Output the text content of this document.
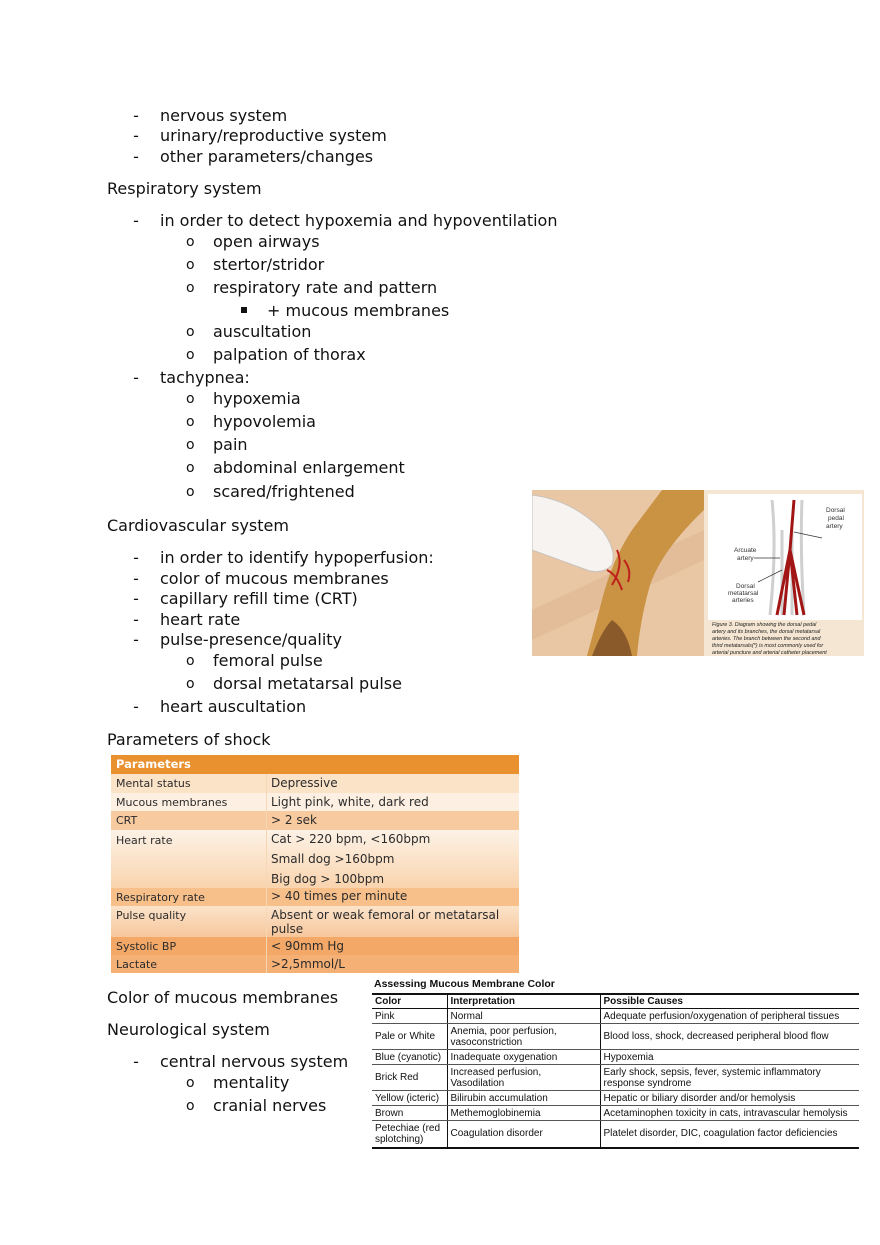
- nervous system
- urinary/reproductive system
- other parameters/changes
Respiratory system
- in order to detect hypoxemia and hypoventilation
o open airways
o stertor/stridor
o respiratory rate and pattern
+ mucous membranes
o auscultation
o palpation of thorax
- tachypnea:
o hypoxemia
o hypovolemia
o pain
o abdominal enlargement
o scared/frightened
Cardiovascular system
- in order to identify hypoperfusion:
- color of mucous membranes
- capillary refill time (CRT)
- heart rate
- pulse-presence/quality
o femoral pulse
o dorsal metatarsal pulse
- heart auscultation
Dorsal
pedal
artery
Arcuate
artery
Dorsal
metatarsal
arteries
Figure 3. Diagram showing the dorsal pedal
artery and its branches, the dorsal metatarsal
arteries. The branch between the second and
third metatarsals(*) is most commonly used for
arterial puncture and arterial catheter placement
Parameters of shock
Parameters
Mental status	Depressive
Mucous membranes	Light pink, white, dark red
CRT	> 2 sek
Heart rate	Cat > 220 bpm, <160bpm
Small dog >160bpm
Big dog > 100bpm
Respiratory rate	> 40 times per minute
Pulse quality	Absent or weak femoral or metatarsal pulse
Systolic BP	< 90mm Hg
Lactate	>2,5mmol/L
Color of mucous membranes
Neurological system
- central nervous system
o mentality
o cranial nerves
Assessing Mucous Membrane Color
Color	Interpretation	Possible Causes
Pink	Normal	Adequate perfusion/oxygenation of peripheral tissues
Pale or White	Anemia, poor perfusion, vasoconstriction	Blood loss, shock, decreased peripheral blood flow
Blue (cyanotic)	Inadequate oxygenation	Hypoxemia
Brick Red	Increased perfusion, Vasodilation	Early shock, sepsis, fever, systemic inflammatory response syndrome
Yellow (icteric)	Bilirubin accumulation	Hepatic or biliary disorder and/or hemolysis
Brown	Methemoglobinemia	Acetaminophen toxicity in cats, intravascular hemolysis
Petechiae (red splotching)	Coagulation disorder	Platelet disorder, DIC, coagulation factor deficiencies
